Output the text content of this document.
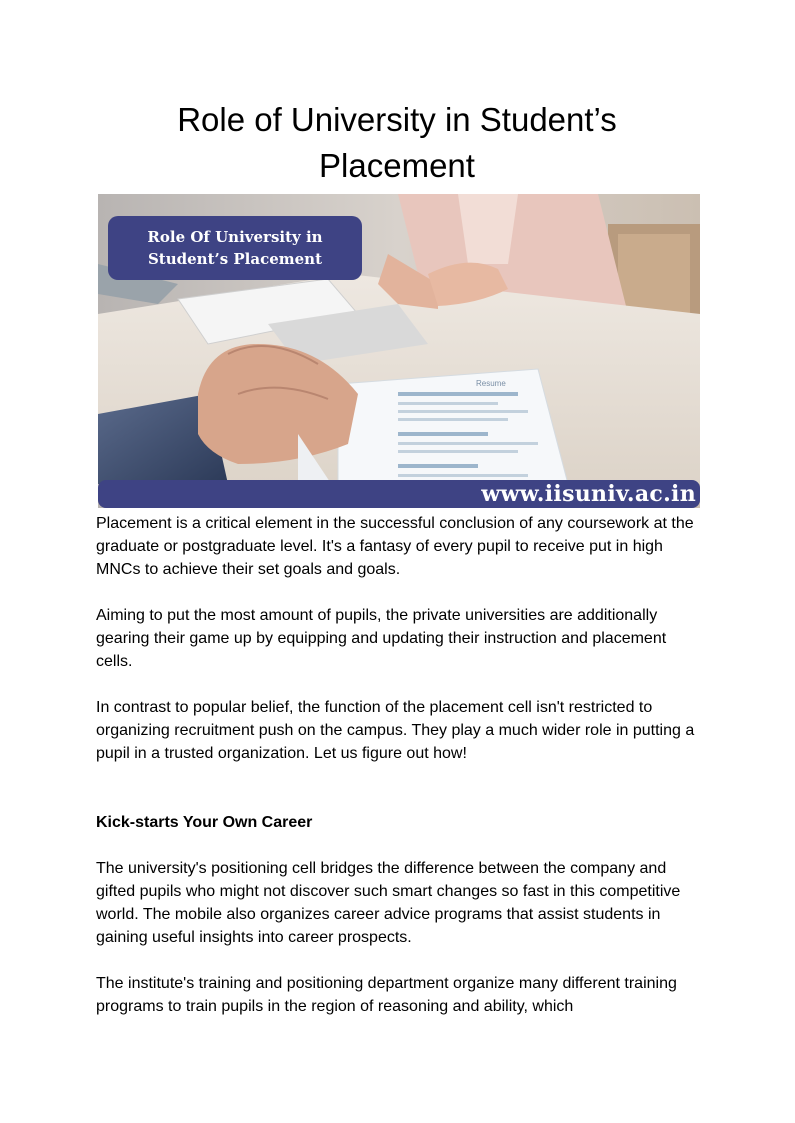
Role of University in Student’s
Placement
Resume
Role Of University in
Student’s Placement
www.iisuniv.ac.in

Placement is a critical element in the successful conclusion of any coursework at the graduate or postgraduate level. It's a fantasy of every pupil to receive put in high MNCs to achieve their set goals and goals.

Aiming to put the most amount of pupils, the private universities are additionally gearing their game up by equipping and updating their instruction and placement cells.

In contrast to popular belief, the function of the placement cell isn't restricted to organizing recruitment push on the campus. They play a much wider role in putting a pupil in a trusted organization. Let us figure out how!

Kick-starts Your Own Career

The university's positioning cell bridges the difference between the company and gifted pupils who might not discover such smart changes so fast in this competitive world. The mobile also organizes career advice programs that assist students in gaining useful insights into career prospects.

The institute's training and positioning department organize many different training programs to train pupils in the region of reasoning and ability, which
